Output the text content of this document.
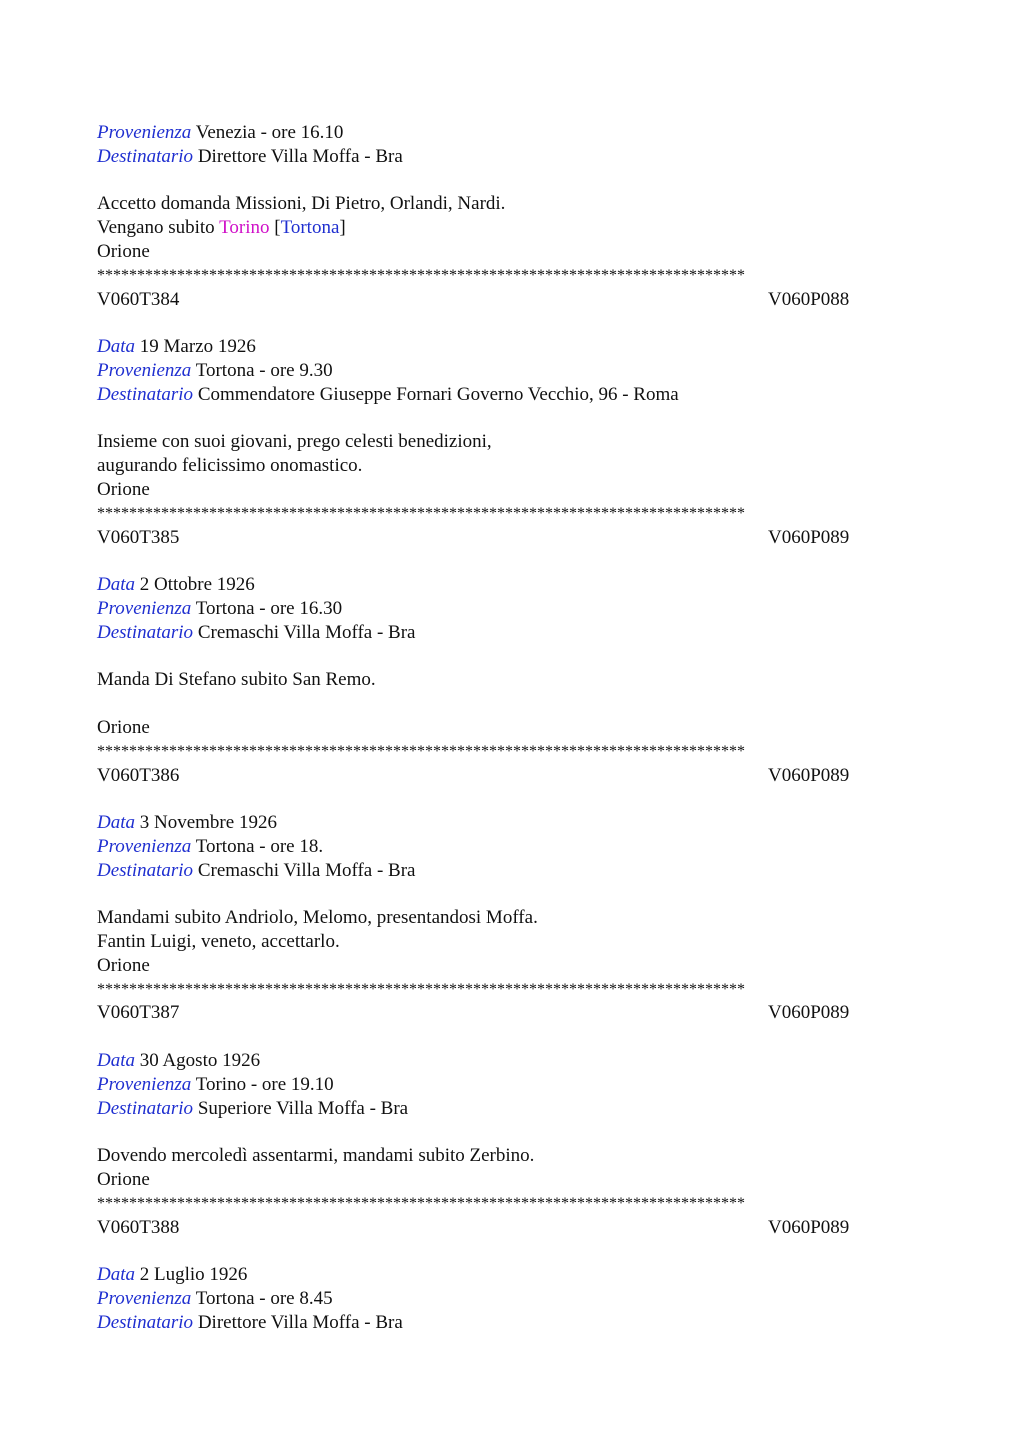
Provenienza Venezia - ore 16.10
Destinatario Direttore Villa Moffa - Bra
Accetto domanda Missioni, Di Pietro, Orlandi, Nardi.
Vengano subito Torino [Tortona]
Orione
*********************************************************************************
V060T384	V060P088
Data 19 Marzo 1926
Provenienza Tortona - ore 9.30
Destinatario Commendatore Giuseppe Fornari Governo Vecchio, 96 - Roma
Insieme con suoi giovani, prego celesti benedizioni,
augurando felicissimo onomastico.
Orione
*********************************************************************************
V060T385	V060P089
Data 2 Ottobre 1926
Provenienza Tortona - ore 16.30
Destinatario Cremaschi Villa Moffa - Bra
Manda Di Stefano subito San Remo.
Orione
*********************************************************************************
V060T386	V060P089
Data 3 Novembre 1926
Provenienza Tortona - ore 18.
Destinatario Cremaschi Villa Moffa - Bra
Mandami subito Andriolo, Melomo, presentandosi Moffa.
Fantin Luigi, veneto, accettarlo.
Orione
*********************************************************************************
V060T387	V060P089
Data 30 Agosto 1926
Provenienza Torino - ore 19.10
Destinatario Superiore Villa Moffa - Bra
Dovendo mercoledì assentarmi, mandami subito Zerbino.
Orione
*********************************************************************************
V060T388	V060P089
Data 2 Luglio 1926
Provenienza Tortona - ore 8.45
Destinatario Direttore Villa Moffa - Bra
